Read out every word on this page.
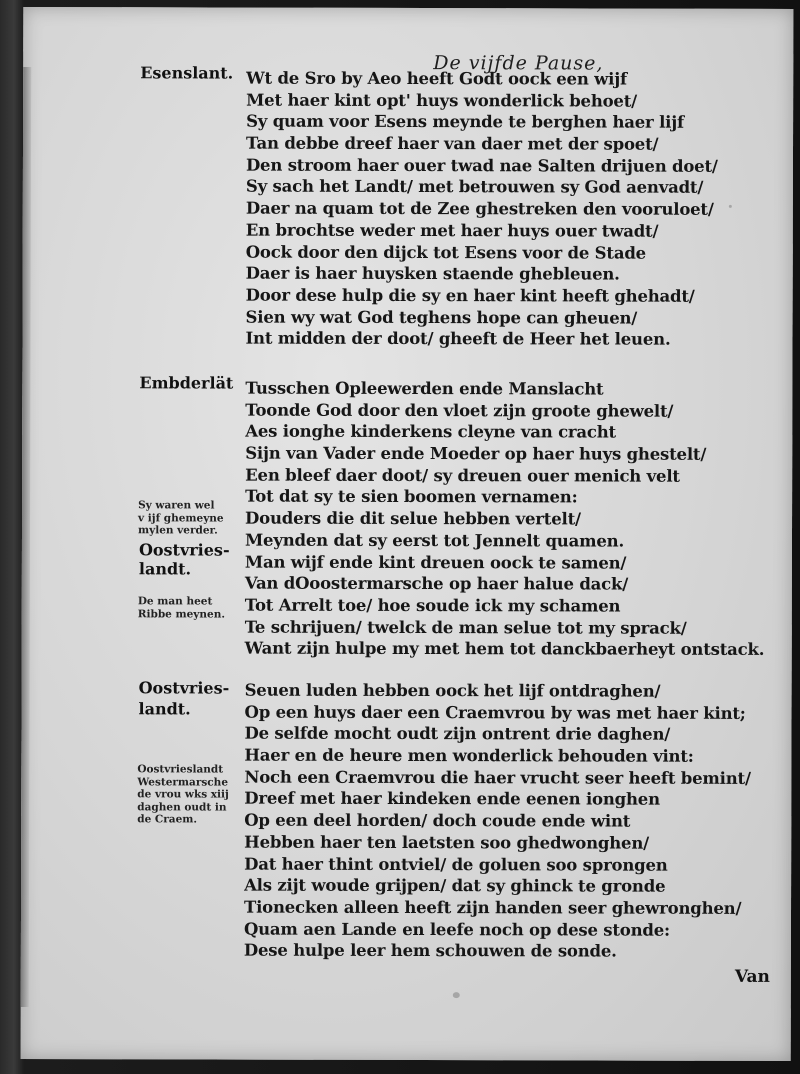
De vijfde Pause,
Esenslant. Wt de Sro by Aeo heeft Godt oock een wijf
Met haer kint opt' huys wonderlick behoet/
Sy quam voor Esens meynde te berghen haer lijf
Tan debbe dreef haer van daer met der spoet/
Den stroom haer ouer twad nae Salten drijuen doet/
Sy sach het Landt/ met betrouwen sy God aenvadt/
Daer na quam tot de Zee ghestreken den vooruloet/
En brochtse weder met haer huys ouer twadt/
Oock door den dijck tot Esens voor de Stade
Daer is haer huysken staende ghebleuen.
Door dese hulp die sy en haer kint heeft ghehadt/
Sien wy wat God teghens hope can gheuen/
Int midden der doot/ gheeft de Heer het leuen.
Embderlät
Sy waren wel
v ijf ghemeyne
mylen verder.
Oostvries-
landt.
De man heet
Ribbe meynen.
Tusschen Opleewerden ende Manslacht
Toonde God door den vloet zijn groote ghewelt/
Aes ionghe kinderkens cleyne van cracht
Sijn van Vader ende Moeder op haer huys ghestelt/
Een bleef daer doot/ sy dreuen ouer menich velt
Tot dat sy te sien boomen vernamen:
Douders die dit selue hebben vertelt/
Meynden dat sy eerst tot Jennelt quamen.
Man wijf ende kint dreuen oock te samen/
Van dOoostermarsche op haer halue dack/
Tot Arrelt toe/ hoe soude ick my schamen
Te schrijuen/ twelck de man selue tot my sprack/
Want zijn hulpe my met hem tot danckbaerheyt ontstack.
Oostvries-
landt.
Oostvrieslandt
Westermarsche
de vrou wks xiij
daghen oudt in
de Craem.
Seuen luden hebben oock het lijf ontdraghen/
Op een huys daer een Craemvrou by was met haer kint;
De selfde mocht oudt zijn ontrent drie daghen/
Haer en de heure men wonderlick behouden vint:
Noch een Craemvrou die haer vrucht seer heeft bemint/
Dreef met haer kindeken ende eenen ionghen
Op een deel horden/ doch coude ende wint
Hebben haer ten laetsten soo ghedwonghen/
Dat haer thint ontviel/ de goluen soo sprongen
Als zijt woude grijpen/ dat sy ghinck te gronde
Tionecken alleen heeft zijn handen seer ghewronghen/
Quam aen Lande en leefe noch op dese stonde:
Dese hulpe leer hem schouwen de sonde.
Van
